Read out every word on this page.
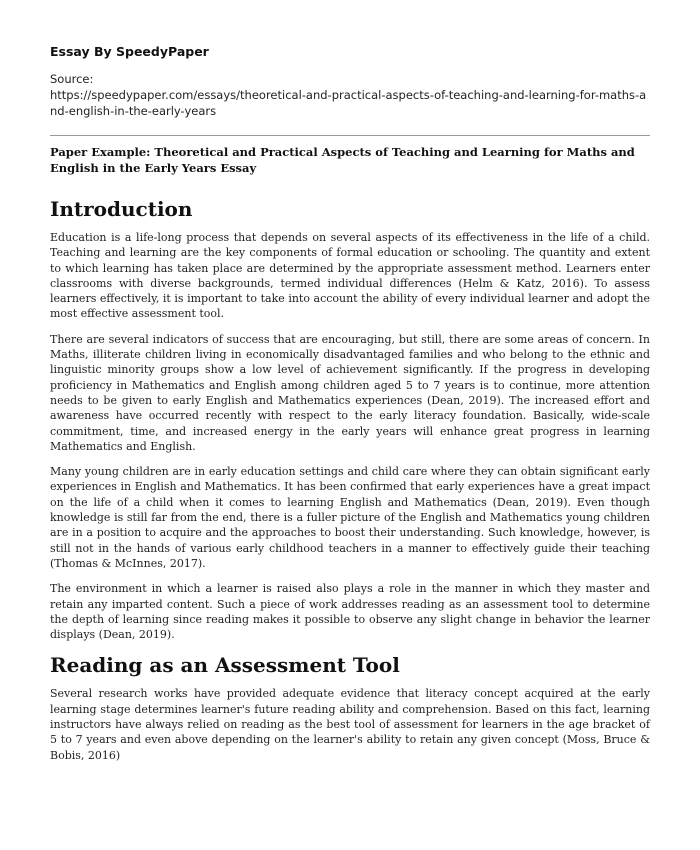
Essay By SpeedyPaper
Source:
https://speedypaper.com/essays/theoretical-and-practical-aspects-of-teaching-and-learning-for-maths-and-english-in-the-early-years
Paper Example: Theoretical and Practical Aspects of Teaching and Learning for Maths and English in the Early Years Essay
Introduction

Education is a life-long process that depends on several aspects of its effectiveness in the life of a child. Teaching and learning are the key components of formal education or schooling. The quantity and extent to which learning has taken place are determined by the appropriate assessment method. Learners enter classrooms with diverse backgrounds, termed individual differences (Helm & Katz, 2016). To assess learners effectively, it is important to take into account the ability of every individual learner and adopt the most effective assessment tool.

There are several indicators of success that are encouraging, but still, there are some areas of concern. In Maths, illiterate children living in economically disadvantaged families and who belong to the ethnic and linguistic minority groups show a low level of achievement significantly. If the progress in developing proficiency in Mathematics and English among children aged 5 to 7 years is to continue, more attention needs to be given to early English and Mathematics experiences (Dean, 2019). The increased effort and awareness have occurred recently with respect to the early literacy foundation. Basically, wide-scale commitment, time, and increased energy in the early years will enhance great progress in learning Mathematics and English.

Many young children are in early education settings and child care where they can obtain significant early experiences in English and Mathematics. It has been confirmed that early experiences have a great impact on the life of a child when it comes to learning English and Mathematics (Dean, 2019). Even though knowledge is still far from the end, there is a fuller picture of the English and Mathematics young children are in a position to acquire and the approaches to boost their understanding. Such knowledge, however, is still not in the hands of various early childhood teachers in a manner to effectively guide their teaching (Thomas & McInnes, 2017).

The environment in which a learner is raised also plays a role in the manner in which they master and retain any imparted content. Such a piece of work addresses reading as an assessment tool to determine the depth of learning since reading makes it possible to observe any slight change in behavior the learner displays (Dean, 2019).

Reading as an Assessment Tool

Several research works have provided adequate evidence that literacy concept acquired at the early learning stage determines learner's future reading ability and comprehension. Based on this fact, learning instructors have always relied on reading as the best tool of assessment for learners in the age bracket of 5 to 7 years and even above depending on the learner's ability to retain any given concept (Moss, Bruce & Bobis, 2016)
